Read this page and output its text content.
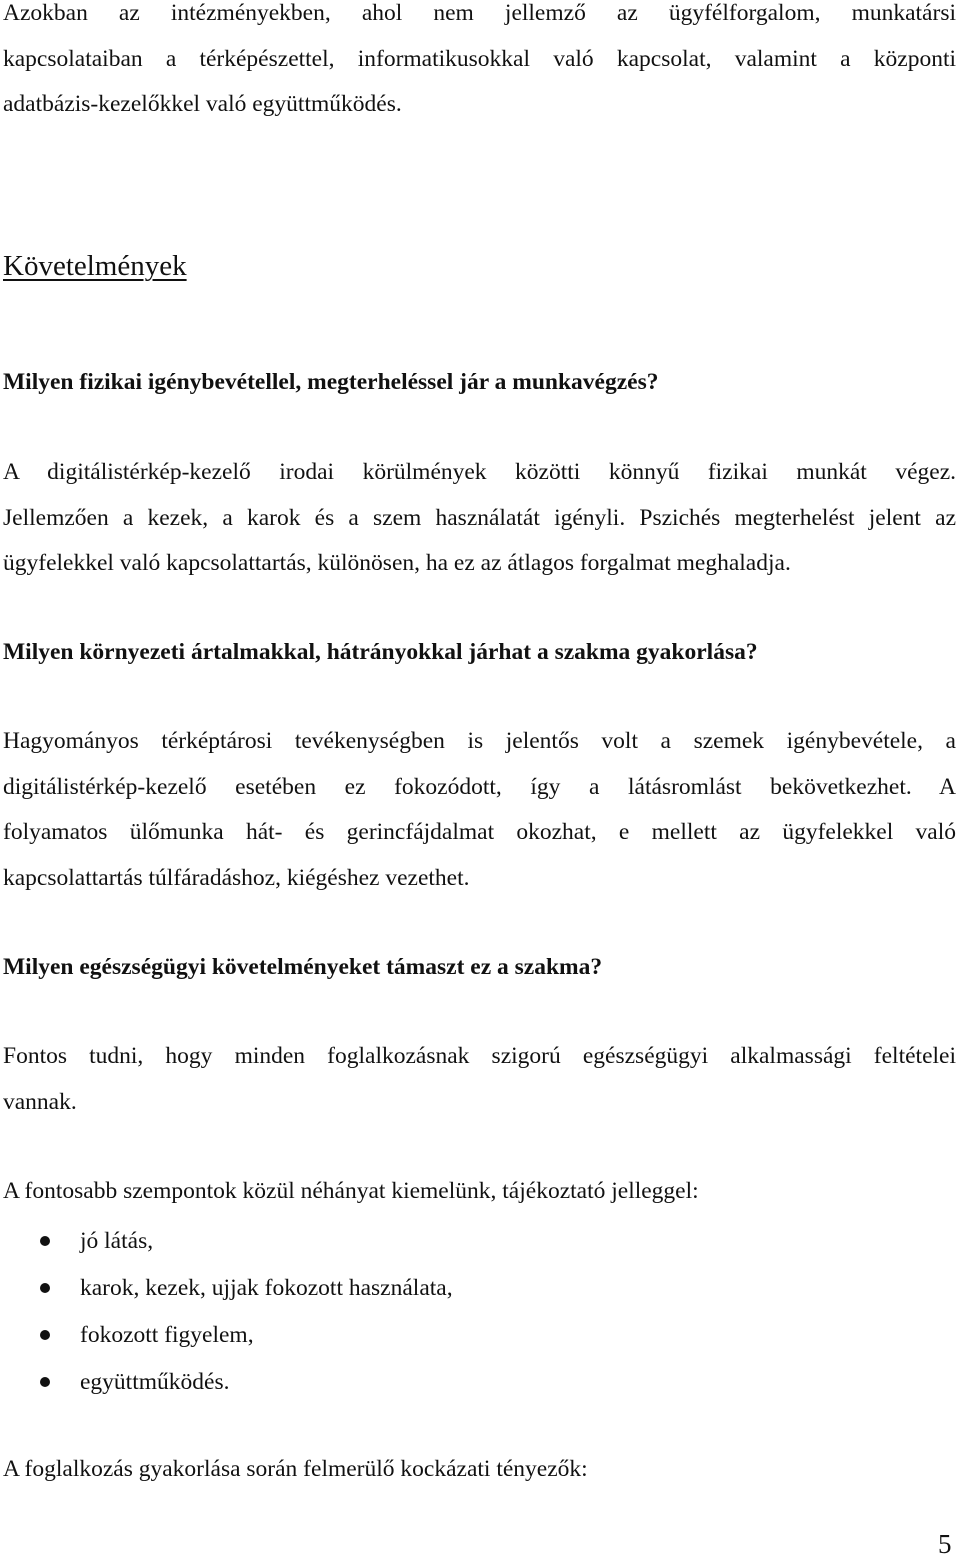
Azokban az intézményekben, ahol nem jellemző az ügyfélforgalom, munkatársi
kapcsolataiban a térképészettel, informatikusokkal való kapcsolat, valamint a központi
adatbázis-kezelőkkel való együttműködés.

Követelmények
Milyen fizikai igénybevétellel, megterheléssel jár a munkavégzés?

A digitálistérkép-kezelő irodai körülmények közötti könnyű fizikai munkát végez.
Jellemzően a kezek, a karok és a szem használatát igényli. Pszichés megterhelést jelent az
ügyfelekkel való kapcsolattartás, különösen, ha ez az átlagos forgalmat meghaladja.

Milyen környezeti ártalmakkal, hátrányokkal járhat a szakma gyakorlása?

Hagyományos térképtárosi tevékenységben is jelentős volt a szemek igénybevétele, a
digitálistérkép-kezelő esetében ez fokozódott, így a látásromlást bekövetkezhet. A
folyamatos ülőmunka hát- és gerincfájdalmat okozhat, e mellett az ügyfelekkel való
kapcsolattartás túlfáradáshoz, kiégéshez vezethet.

Milyen egészségügyi követelményeket támaszt ez a szakma?

Fontos tudni, hogy minden foglalkozásnak szigorú egészségügyi alkalmassági feltételei
vannak.

A fontosabb szempontok közül néhányat kiemelünk, tájékoztató jelleggel:

jó látás,
karok, kezek, ujjak fokozott használata,
fokozott figyelem,
együttműködés.

A foglalkozás gyakorlása során felmerülő kockázati tényezők:

5
